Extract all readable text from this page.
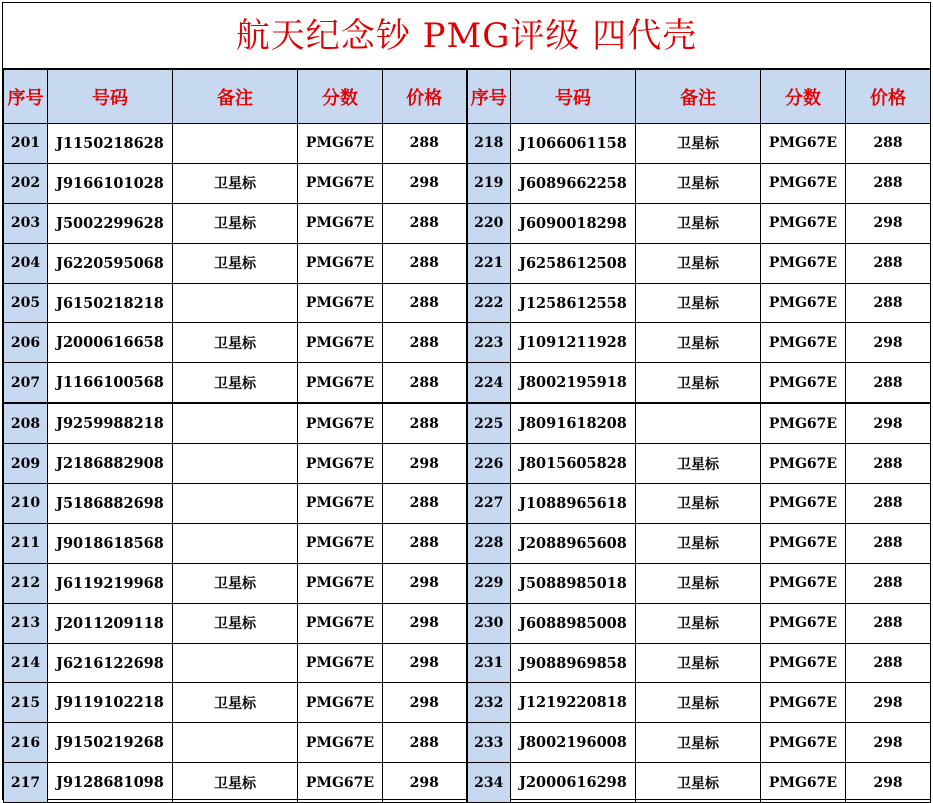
航天纪念钞 PMG评级 四代壳
序号	号码	备注	分数	价格	序号	号码	备注	分数	价格
201	J1150218628		PMG67E	288	218	J1066061158	卫星标	PMG67E	288
202	J9166101028	卫星标	PMG67E	298	219	J6089662258	卫星标	PMG67E	288
203	J5002299628	卫星标	PMG67E	288	220	J6090018298	卫星标	PMG67E	298
204	J6220595068	卫星标	PMG67E	288	221	J6258612508	卫星标	PMG67E	288
205	J6150218218		PMG67E	288	222	J1258612558	卫星标	PMG67E	288
206	J2000616658	卫星标	PMG67E	288	223	J1091211928	卫星标	PMG67E	298
207	J1166100568	卫星标	PMG67E	288	224	J8002195918	卫星标	PMG67E	288
208	J9259988218		PMG67E	288	225	J8091618208		PMG67E	298
209	J2186882908		PMG67E	298	226	J8015605828	卫星标	PMG67E	288
210	J5186882698		PMG67E	288	227	J1088965618	卫星标	PMG67E	288
211	J9018618568		PMG67E	288	228	J2088965608	卫星标	PMG67E	288
212	J6119219968	卫星标	PMG67E	298	229	J5088985018	卫星标	PMG67E	288
213	J2011209118	卫星标	PMG67E	298	230	J6088985008	卫星标	PMG67E	288
214	J6216122698		PMG67E	298	231	J9088969858	卫星标	PMG67E	288
215	J9119102218	卫星标	PMG67E	298	232	J1219220818	卫星标	PMG67E	298
216	J9150219268		PMG67E	288	233	J8002196008	卫星标	PMG67E	298
217	J9128681098	卫星标	PMG67E	298	234	J2000616298	卫星标	PMG67E	298
